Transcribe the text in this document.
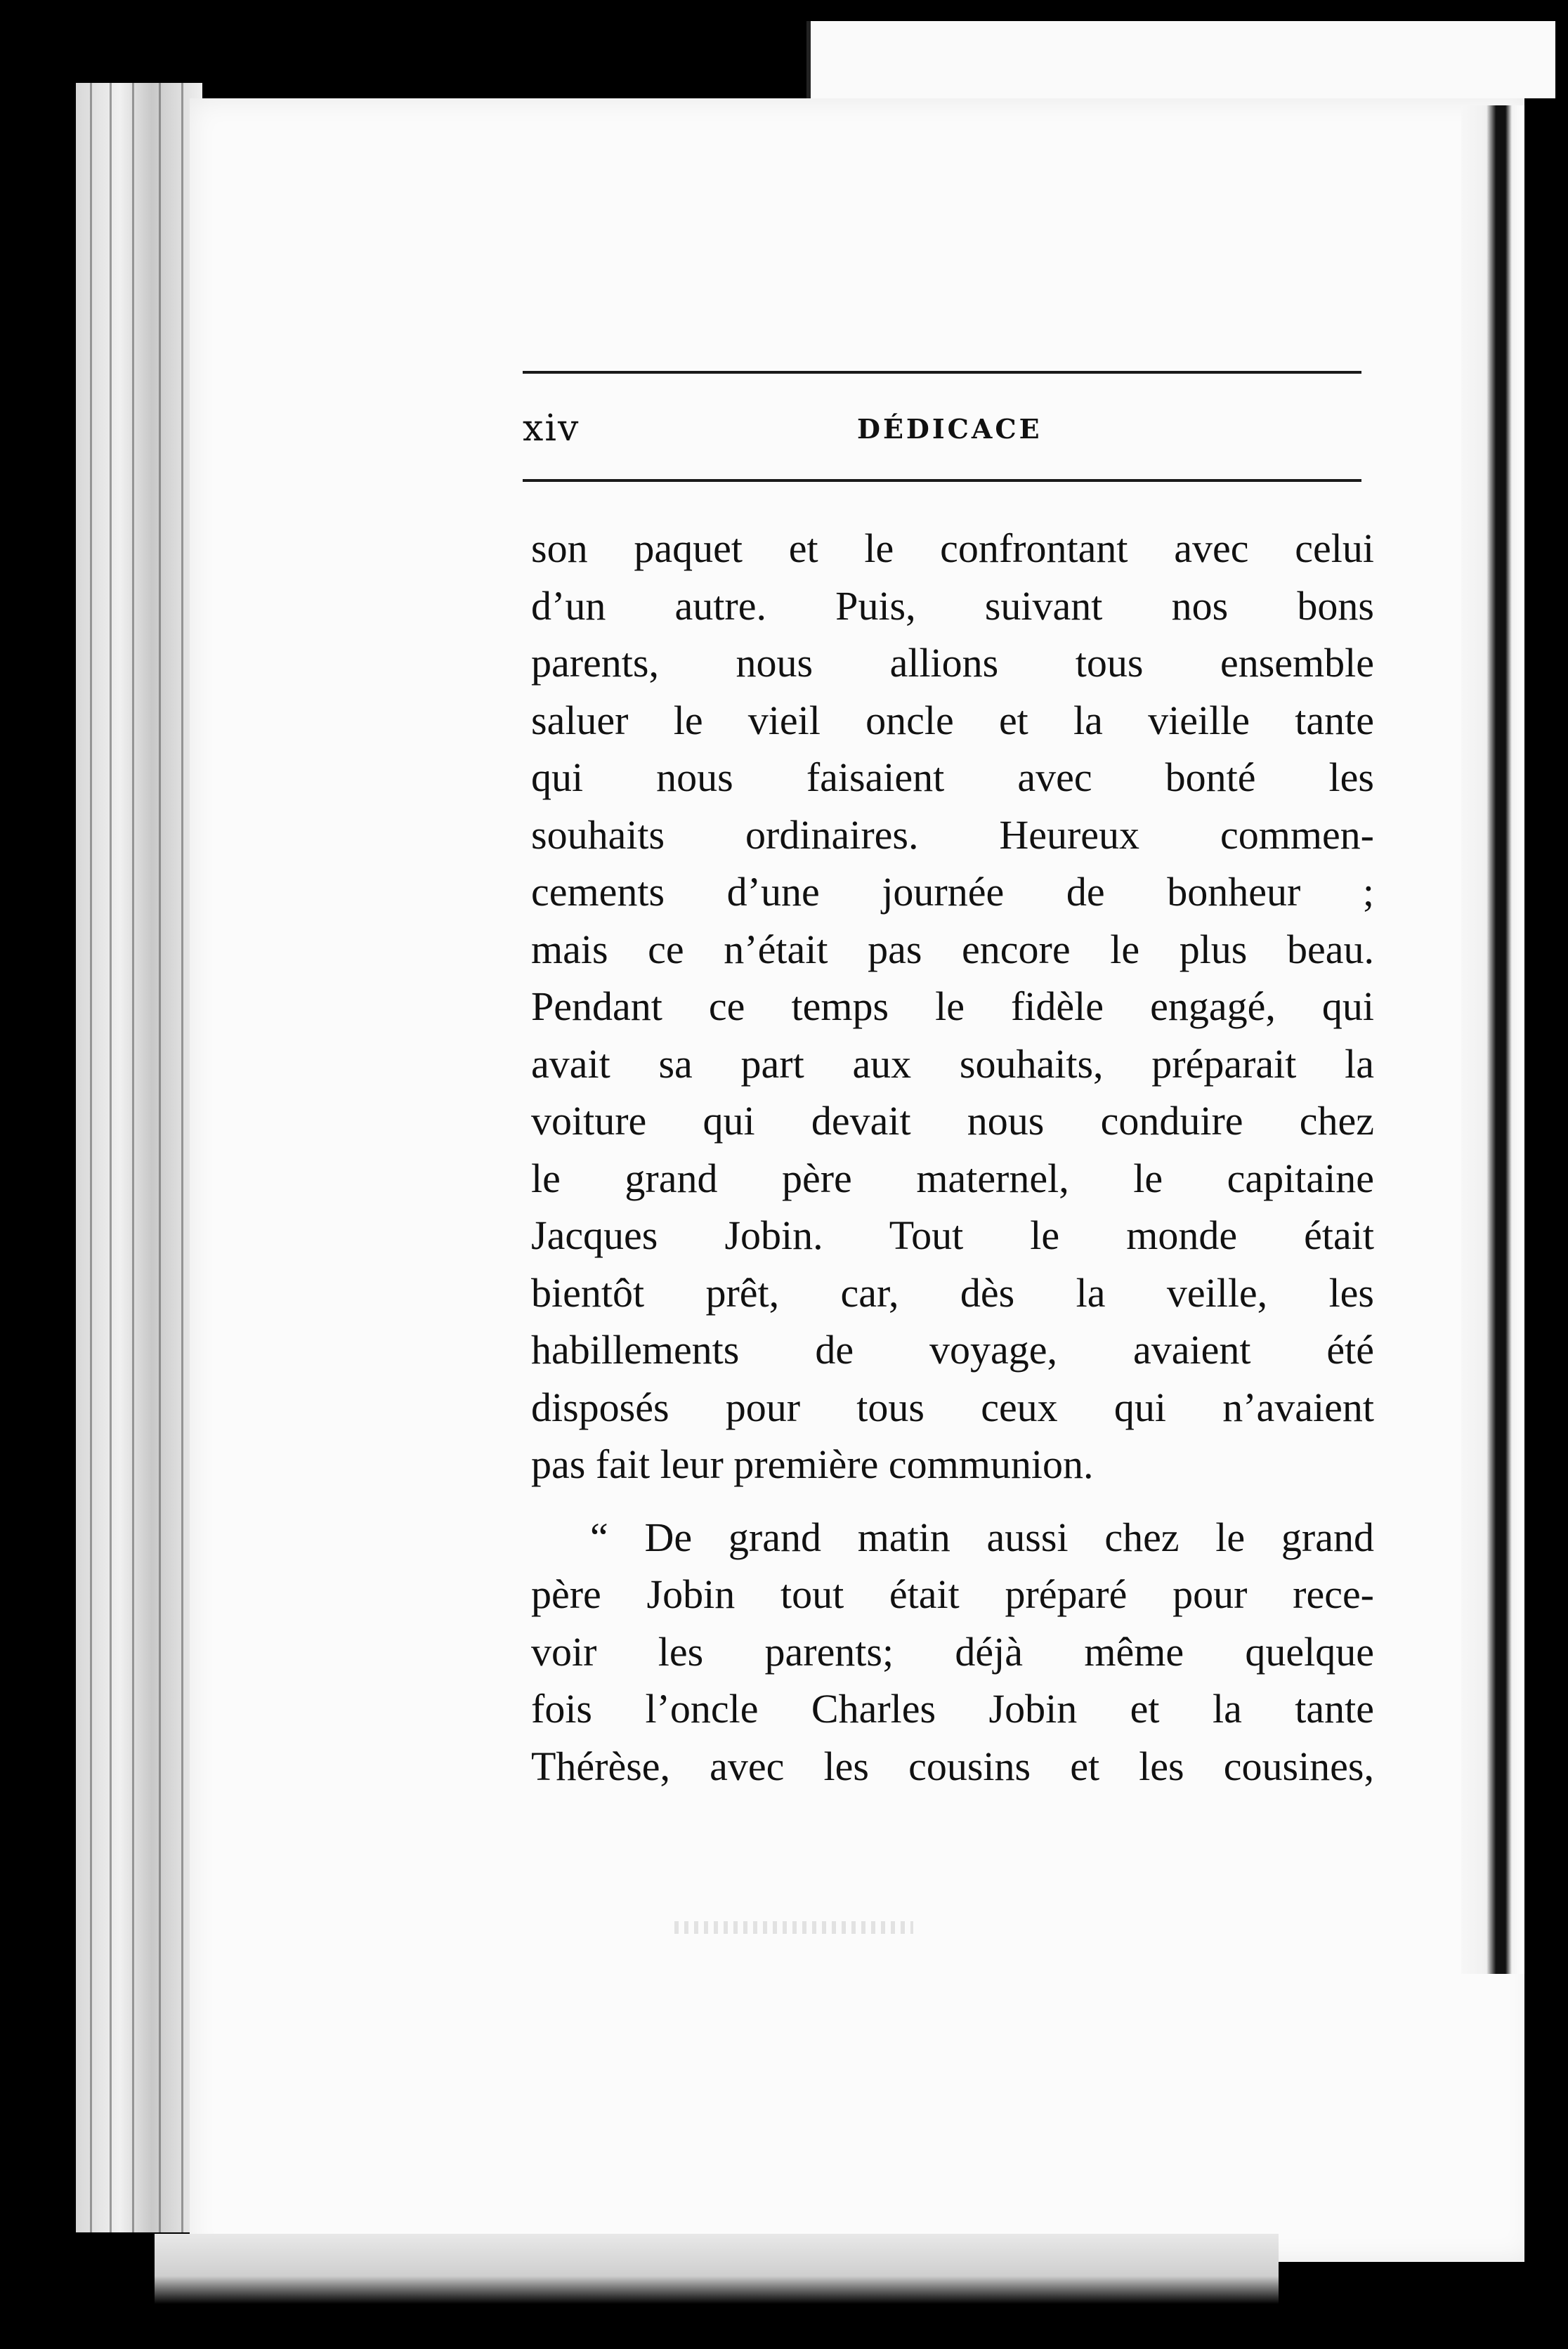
xiv	DÉDICACE
son paquet et le confrontant avec celui
d’un autre. Puis, suivant nos bons
parents, nous allions tous ensemble
saluer le vieil oncle et la vieille tante
qui nous faisaient avec bonté les
souhaits ordinaires. Heureux commen-
cements d’une journée de bonheur ;
mais ce n’était pas encore le plus beau.
Pendant ce temps le fidèle engagé, qui
avait sa part aux souhaits, préparait la
voiture qui devait nous conduire chez
le grand père maternel, le capitaine
Jacques Jobin. Tout le monde était
bientôt prêt, car, dès la veille, les
habillements de voyage, avaient été
disposés pour tous ceux qui n’avaient
pas fait leur première communion.
“ De grand matin aussi chez le grand
père Jobin tout était préparé pour rece-
voir les parents; déjà même quelque
fois l’oncle Charles Jobin et la tante
Thérèse, avec les cousins et les cousines,
